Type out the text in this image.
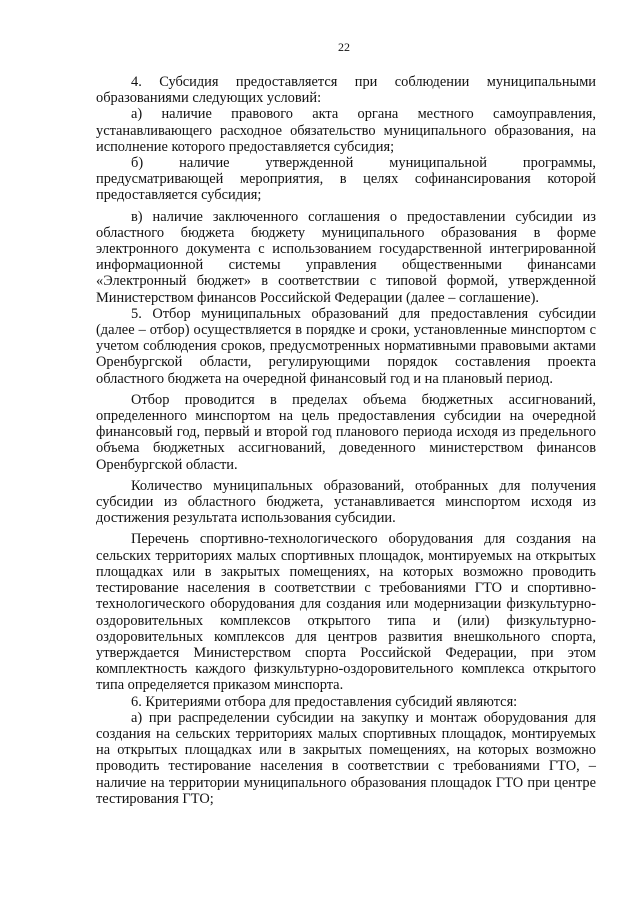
22

4. Субсидия предоставляется при соблюдении муниципальными образованиями следующих условий:

а) наличие правового акта органа местного самоуправления, устанавливающего расходное обязательство муниципального образования, на исполнение которого предоставляется субсидия;

б) наличие утвержденной муниципальной программы, предусматривающей мероприятия, в целях софинансирования которой предоставляется субсидия;

в) наличие заключенного соглашения о предоставлении субсидии из областного бюджета бюджету муниципального образования в форме электронного документа с использованием государственной интегрированной информационной системы управления общественными финансами «Электронный бюджет» в соответствии с типовой формой, утвержденной Министерством финансов Российской Федерации (далее – соглашение).

5. Отбор муниципальных образований для предоставления субсидии (далее – отбор) осуществляется в порядке и сроки, установленные минспортом с учетом соблюдения сроков, предусмотренных нормативными правовыми актами Оренбургской области, регулирующими порядок составления проекта областного бюджета на очередной финансовый год и на плановый период.

Отбор проводится в пределах объема бюджетных ассигнований, определенного минспортом на цель предоставления субсидии на очередной финансовый год, первый и второй год планового периода исходя из предельного объема бюджетных ассигнований, доведенного министерством финансов Оренбургской области.

Количество муниципальных образований, отобранных для получения субсидии из областного бюджета, устанавливается минспортом исходя из достижения результата использования субсидии.

Перечень спортивно-технологического оборудования для создания на сельских территориях малых спортивных площадок, монтируемых на открытых площадках или в закрытых помещениях, на которых возможно проводить тестирование населения в соответствии с требованиями ГТО и спортивно-технологического оборудования для создания или модернизации физкультурно-оздоровительных комплексов открытого типа и (или) физкультурно-оздоровительных комплексов для центров развития внешкольного спорта, утверждается Министерством спорта Российской Федерации, при этом комплектность каждого физкультурно-оздоровительного комплекса открытого типа определяется приказом минспорта.

6. Критериями отбора для предоставления субсидий являются:

а) при распределении субсидии на закупку и монтаж оборудования для создания на сельских территориях малых спортивных площадок, монтируемых на открытых площадках или в закрытых помещениях, на которых возможно проводить тестирование населения в соответствии с требованиями ГТО, – наличие на территории муниципального образования площадок ГТО при центре тестирования ГТО;
